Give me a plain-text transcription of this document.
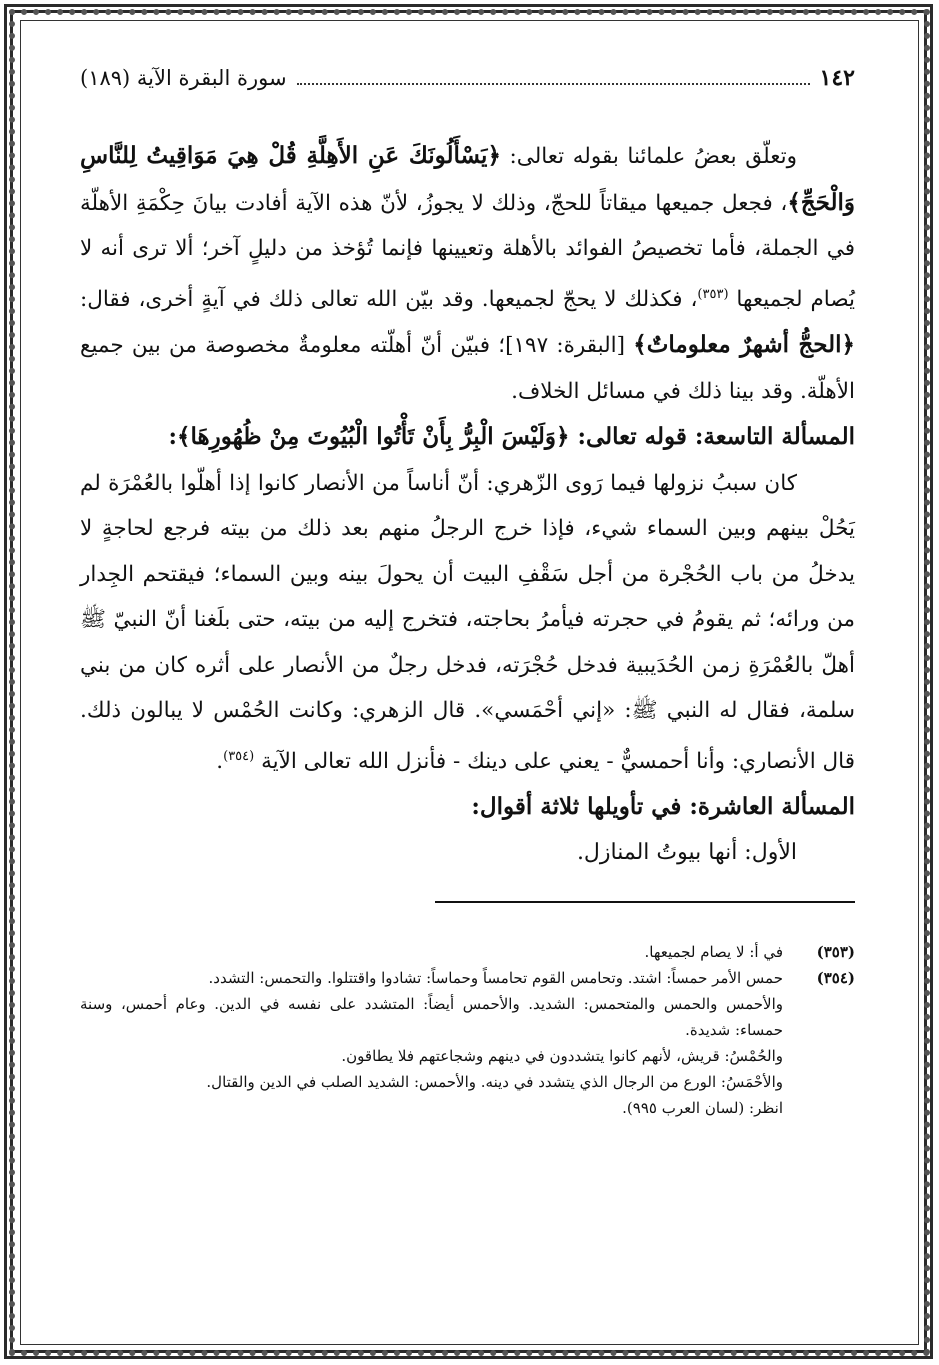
١٤٢
سورة البقرة الآية (١٨٩)

وتعلّق بعضُ علمائنا بقوله تعالى: ﴿يَسْأَلُونَكَ عَنِ الأَهِلَّةِ قُلْ هِيَ مَوَاقِيتُ لِلنَّاسِ وَالْحَجِّ﴾، فجعل جميعها ميقاتاً للحجّ، وذلك لا يجوزُ، لأنّ هذه الآية أفادت بيانَ حِكْمَةِ الأهلّة في الجملة، فأما تخصيصُ الفوائد بالأهلة وتعيينها فإنما تُؤخذ من دليلٍ آخر؛ ألا ترى أنه لا يُصام لجميعها $^{(٣٥٣)}$، فكذلك لا يحجّ لجميعها. وقد بيّن الله تعالى ذلك في آيةٍ أخرى، فقال: ﴿الحجُّ أشهرٌ معلوماتٌ﴾ [البقرة: ١٩٧]؛ فبيّن أنّ أهلّته معلومةٌ مخصوصة من بين جميع الأهلّة. وقد بينا ذلك في مسائل الخلاف.

المسألة التاسعة: قوله تعالى: ﴿وَلَيْسَ الْبِرُّ بِأَنْ تَأْتُوا الْبُيُوتَ مِنْ ظُهُورِهَا﴾:

كان سببُ نزولها فيما رَوى الزّهري: أنّ أناساً من الأنصار كانوا إذا أهلّوا بالعُمْرَة لم يَحُلْ بينهم وبين السماء شيء، فإذا خرج الرجلُ منهم بعد ذلك من بيته فرجع لحاجةٍ لا يدخلُ من باب الحُجْرة من أجل سَقْفِ البيت أن يحولَ بينه وبين السماء؛ فيقتحم الجِدار من ورائه؛ ثم يقومُ في حجرته فيأمرُ بحاجته، فتخرج إليه من بيته، حتى بلَغنا أنّ النبيّ ﷺ أهلّ بالعُمْرَةِ زمن الحُدَيبية فدخل حُجْرَته، فدخل رجلٌ من الأنصار على أثره كان من بني سلمة، فقال له النبي ﷺ: «إني أحْمَسي». قال الزهري: وكانت الحُمْس لا يبالون ذلك. قال الأنصاري: وأنا أحمسيٌّ - يعني على دينك - فأنزل الله تعالى الآية $^{(٣٥٤)}$.

المسألة العاشرة: في تأويلها ثلاثة أقوال:

الأول: أنها بيوتُ المنازل.

(٣٥٣)
في أ: لا يصام لجميعها.
(٣٥٤)
حمس الأمر حمساً: اشتد. وتحامس القوم تحامساً وحماساً: تشادوا واقتتلوا. والتحمس: التشدد.
والأحمس والحمس والمتحمس: الشديد. والأحمس أيضاً: المتشدد على نفسه في الدين. وعام أحمس، وسنة حمساء: شديدة.
والحُمْسُ: قريش، لأنهم كانوا يتشددون في دينهم وشجاعتهم فلا يطاقون.
والأحْمَسُ: الورع من الرجال الذي يتشدد في دينه. والأحمس: الشديد الصلب في الدين والقتال.
انظر: (لسان العرب ٩٩٥).
